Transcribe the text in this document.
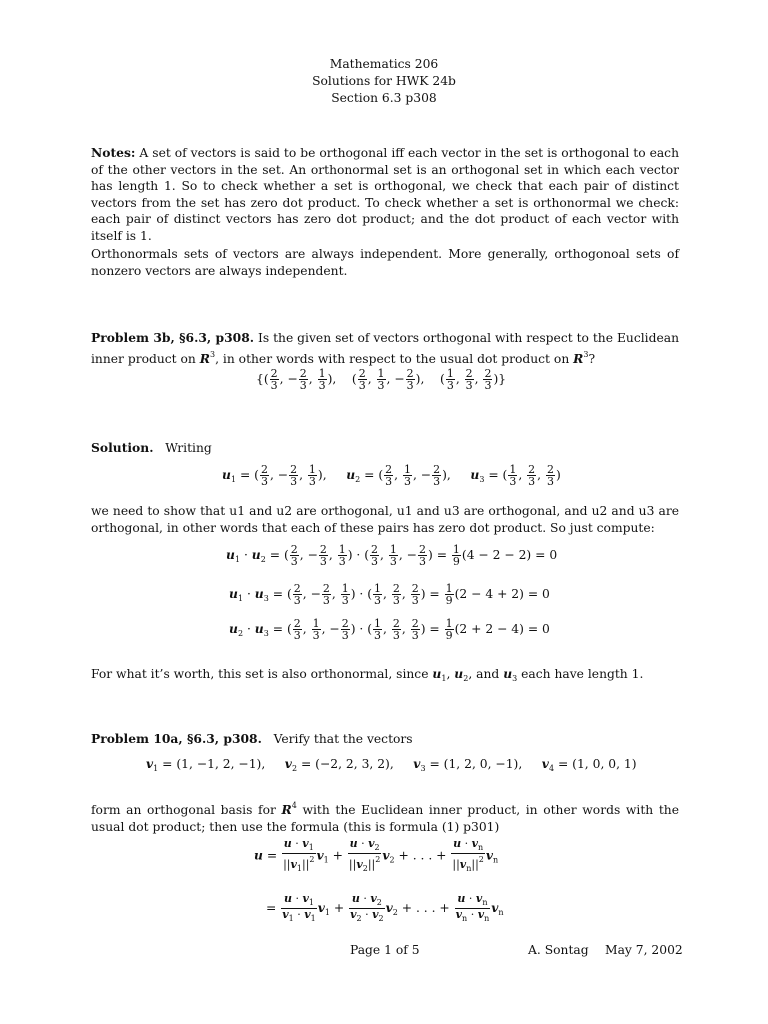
Mathematics 206
Solutions for HWK 24b
Section 6.3 p308
Notes: A set of vectors is said to be orthogonal iff each vector in the set is orthogonal to each of the other vectors in the set. An orthonormal set is an orthogonal set in which each vector has length 1. So to check whether a set is orthogonal, we check that each pair of distinct vectors from the set has zero dot product. To check whether a set is orthonormal we check: each pair of distinct vectors has zero dot product; and the dot product of each vector with itself is 1.
Orthonormals sets of vectors are always independent. More generally, orthogonoal sets of nonzero vectors are always independent.
Problem 3b, §6.3, p308. Is the given set of vectors orthogonal with respect to the Euclidean inner product on $R^3$, in other words with respect to the usual dot product on $R^3$?
{( $\frac{2}{3}$ , − $\frac{2}{3}$ , $\frac{1}{3}$ ),    ( $\frac{2}{3}$ , $\frac{1}{3}$ , − $\frac{2}{3}$ ),    ( $\frac{1}{3}$ , $\frac{2}{3}$ , $\frac{2}{3}$ )}
Solution. Writing
$u_1$ = ( $\frac{2}{3}$ , − $\frac{2}{3}$ , $\frac{1}{3}$ ),     $u_2$ = ( $\frac{2}{3}$ , $\frac{1}{3}$ , − $\frac{2}{3}$ ),     $u_3$ = ( $\frac{1}{3}$ , $\frac{2}{3}$ , $\frac{2}{3}$ )
we need to show that u1 and u2 are orthogonal, u1 and u3 are orthogonal, and u2 and u3 are orthogonal, in other words that each of these pairs has zero dot product. So just compute:
$u_1 \cdot u_2$ = ( $\frac{2}{3}$ , − $\frac{2}{3}$ , $\frac{1}{3}$ ) · ( $\frac{2}{3}$ , $\frac{1}{3}$ , − $\frac{2}{3}$ ) = $\frac{1}{9} (4 - 2 - 2) = 0$
$u_1 \cdot u_3$ = ( $\frac{2}{3}$ , − $\frac{2}{3}$ , $\frac{1}{3}$ ) · ( $\frac{1}{3}$ , $\frac{2}{3}$ , $\frac{2}{3}$ ) = $\frac{1}{9} (2 - 4 + 2) = 0$
$u_2 \cdot u_3$ = ( $\frac{2}{3}$ , $\frac{1}{3}$ , − $\frac{2}{3}$ ) · ( $\frac{1}{3}$ , $\frac{2}{3}$ , $\frac{2}{3}$ ) = $\frac{1}{9} (2 + 2 - 4) = 0$
For what it’s worth, this set is also orthonormal, since $u_1$, $u_2$, and $u_3$ each have length 1.
Problem 10a, §6.3, p308. Verify that the vectors
$v_1 = (1$, −1, 2, −1), $v_2 = (-2$, 2, 3, 2), $v_3 = (1$, 2, 0, −1), $v_4 = (1$, 0, 0, 1)
form an orthogonal basis for $R^4$ with the Euclidean inner product, in other words with the usual dot product; then use the formula (this is formula (1) p301)
$u = \frac{u \cdot v_1}{||v_1||^2} v_1 + \frac{u \cdot v_2}{||v_2||^2} v_2$ + . . . + $\frac{u \cdot v_n}{||v_n||^2} v_n$
= $\frac{u \cdot v_1}{v_1 \cdot v_1} v_1 + \frac{u \cdot v_2}{v_2 \cdot v_2} v_2$ + . . . + $\frac{u \cdot v_n}{v_n \cdot v_n} v_n$
Page 1 of 5	A. Sontag May 7, 2002
